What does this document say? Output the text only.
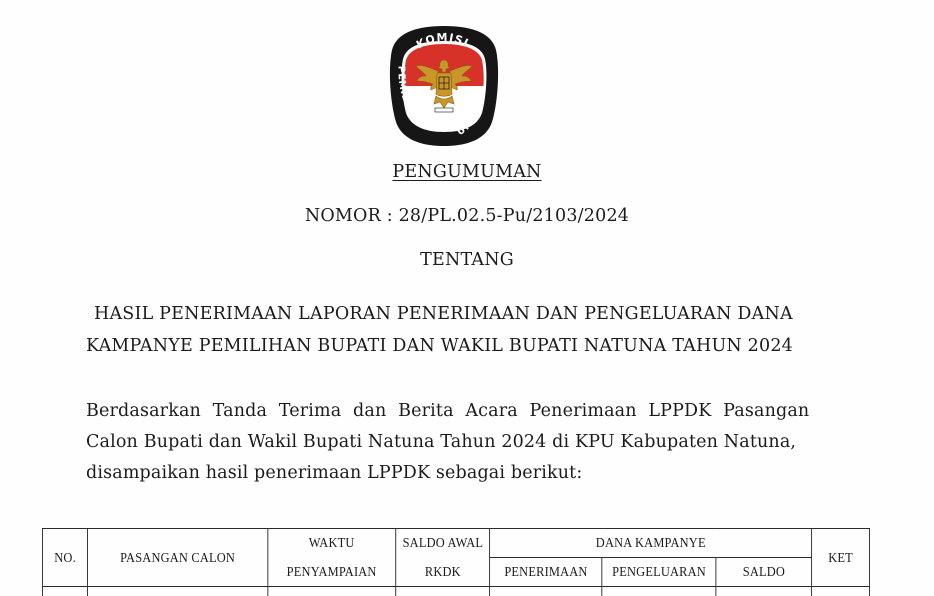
KOMISI
PEMILIHAN
UMUM
PENGUMUMAN
NOMOR : 28/PL.02.5-Pu/2103/2024
TENTANG
HASIL PENERIMAAN LAPORAN PENERIMAAN DAN PENGELUARAN DANA
KAMPANYE PEMILIHAN BUPATI DAN WAKIL BUPATI NATUNA TAHUN 2024
Berdasarkan Tanda Terima dan Berita Acara Penerimaan LPPDK Pasangan
Calon Bupati dan Wakil Bupati Natuna Tahun 2024 di KPU Kabupaten Natuna,
disampaikan hasil penerimaan LPPDK sebagai berikut:
NO.	PASANGAN CALON	WAKTU	SALDO AWAL	DANA KAMPANYE			KET
		PENYAMPAIAN	RKDK	PENERIMAAN	PENGELUARAN	SALDO	
